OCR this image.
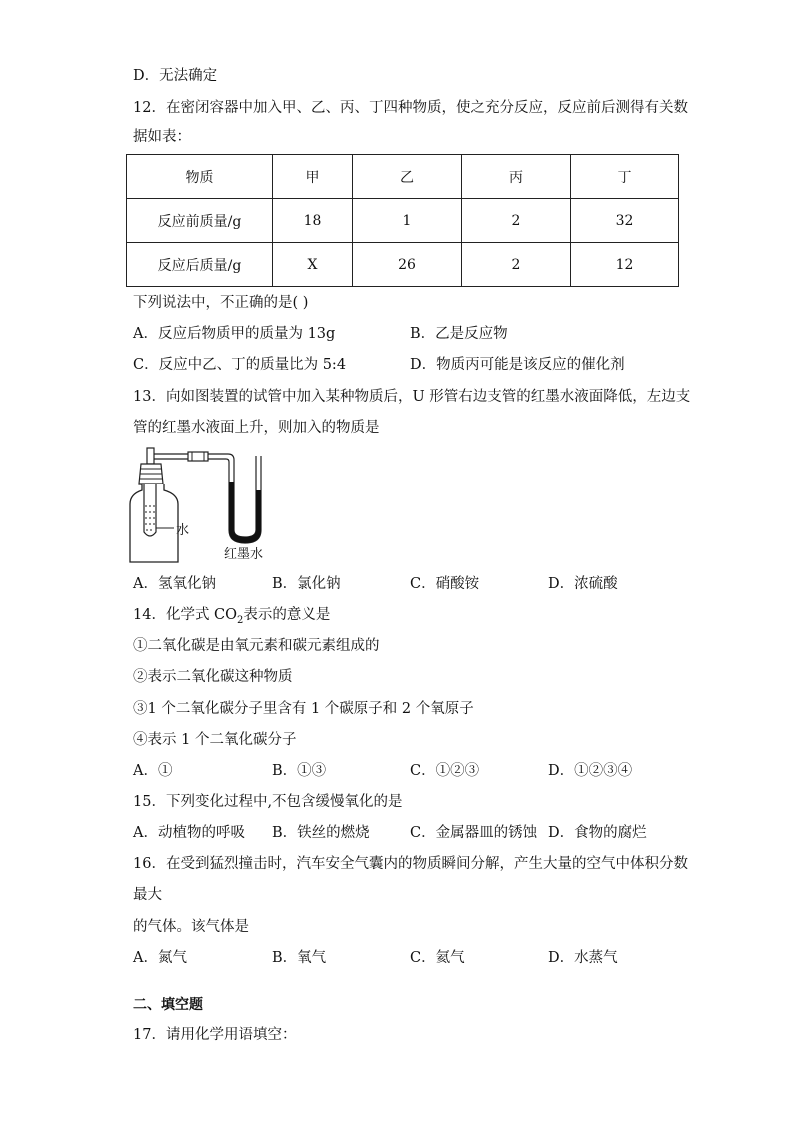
D．无法确定
12．在密闭容器中加入甲、乙、丙、丁四种物质，使之充分反应，反应前后测得有关数
据如表：
物质	甲	乙	丙	丁
反应前质量/g	18	1	2	32
反应后质量/g	X	26	2	12
下列说法中，不正确的是( )
A．反应后物质甲的质量为 13g	B．乙是反应物
C．反应中乙、丁的质量比为 5:4	D．物质丙可能是该反应的催化剂
13．向如图装置的试管中加入某种物质后，U 形管右边支管的红墨水液面降低，左边支
管的红墨水液面上升，则加入的物质是
水
红墨水
A．氢氧化钠	B．氯化钠	C．硝酸铵	D．浓硫酸
14．化学式 $CO_2$表示的意义是
①二氧化碳是由氧元素和碳元素组成的
②表示二氧化碳这种物质
③1 个二氧化碳分子里含有 1 个碳原子和 2 个氧原子
④表示 1 个二氧化碳分子
A．①	B．①③	C．①②③	D．①②③④
15．下列变化过程中,不包含缓慢氧化的是
A．动植物的呼吸 B．铁丝的燃烧	C．金属器皿的锈蚀 D．食物的腐烂
16．在受到猛烈撞击时，汽车安全气囊内的物质瞬间分解，产生大量的空气中体积分数
最大
的气体。该气体是
A．氮气	B．氧气	C．氦气	D．水蒸气
二、填空题
17．请用化学用语填空：
